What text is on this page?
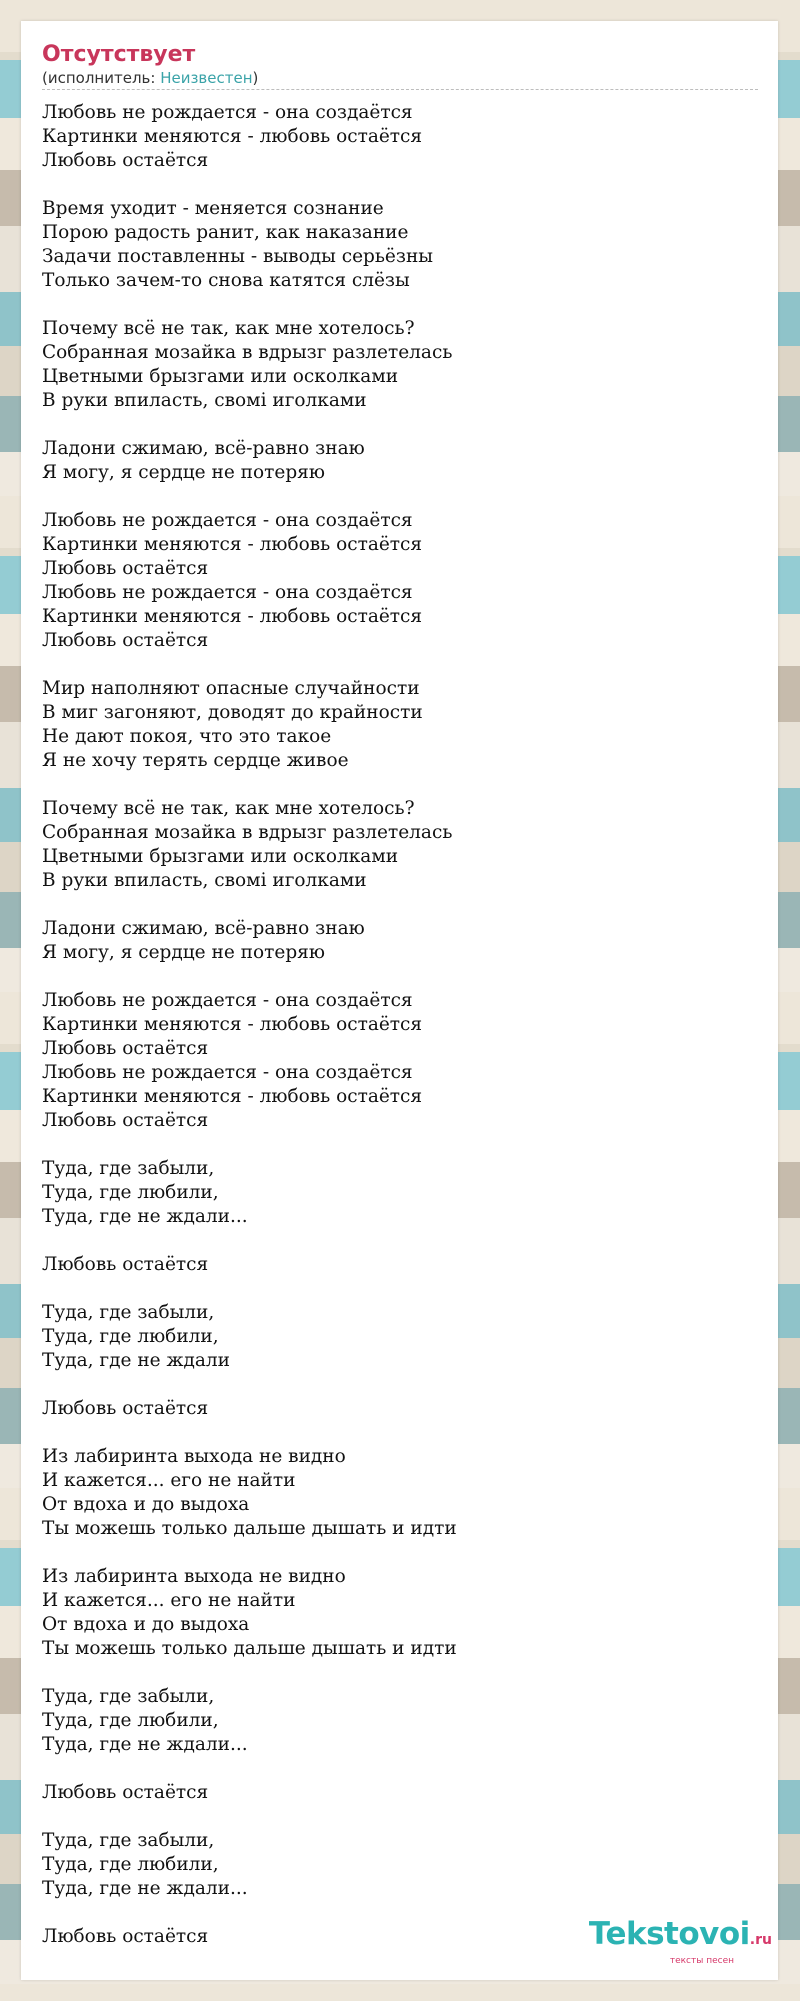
Отсутствует
(исполнитель: Неизвестен)
Любовь не рождается - она создаётся
Картинки меняются - любовь остаётся
Любовь остаётся
Время уходит - меняется сознание
Порою радость ранит, как наказание
Задачи поставленны - выводы серьёзны
Только зачем-то снова катятся слёзы
Почему всё не так, как мне хотелось?
Собранная мозайка в вдрызг разлетелась
Цветными брызгами или осколками
В руки впиласть, свомі иголками
Ладони сжимаю, всё-равно знаю
Я могу, я сердце не потеряю
Любовь не рождается - она создаётся
Картинки меняются - любовь остаётся
Любовь остаётся
Любовь не рождается - она создаётся
Картинки меняются - любовь остаётся
Любовь остаётся
Мир наполняют опасные случайности
В миг загоняют, доводят до крайности
Не дают покоя, что это такое
Я не хочу терять сердце живое
Почему всё не так, как мне хотелось?
Собранная мозайка в вдрызг разлетелась
Цветными брызгами или осколками
В руки впиласть, свомі иголками
Ладони сжимаю, всё-равно знаю
Я могу, я сердце не потеряю
Любовь не рождается - она создаётся
Картинки меняются - любовь остаётся
Любовь остаётся
Любовь не рождается - она создаётся
Картинки меняются - любовь остаётся
Любовь остаётся
Туда, где забыли,
Туда, где любили,
Туда, где не ждали...
Любовь остаётся
Туда, где забыли,
Туда, где любили,
Туда, где не ждали
Любовь остаётся
Из лабиринта выхода не видно
И кажется... его не найти
От вдоха и до выдоха
Ты можешь только дальше дышать и идти
Из лабиринта выхода не видно
И кажется... его не найти
От вдоха и до выдоха
Ты можешь только дальше дышать и идти
Туда, где забыли,
Туда, где любили,
Туда, где не ждали...
Любовь остаётся
Туда, где забыли,
Туда, где любили,
Туда, где не ждали...
Любовь остаётся	Tekstovoi.ru
тексты песен
